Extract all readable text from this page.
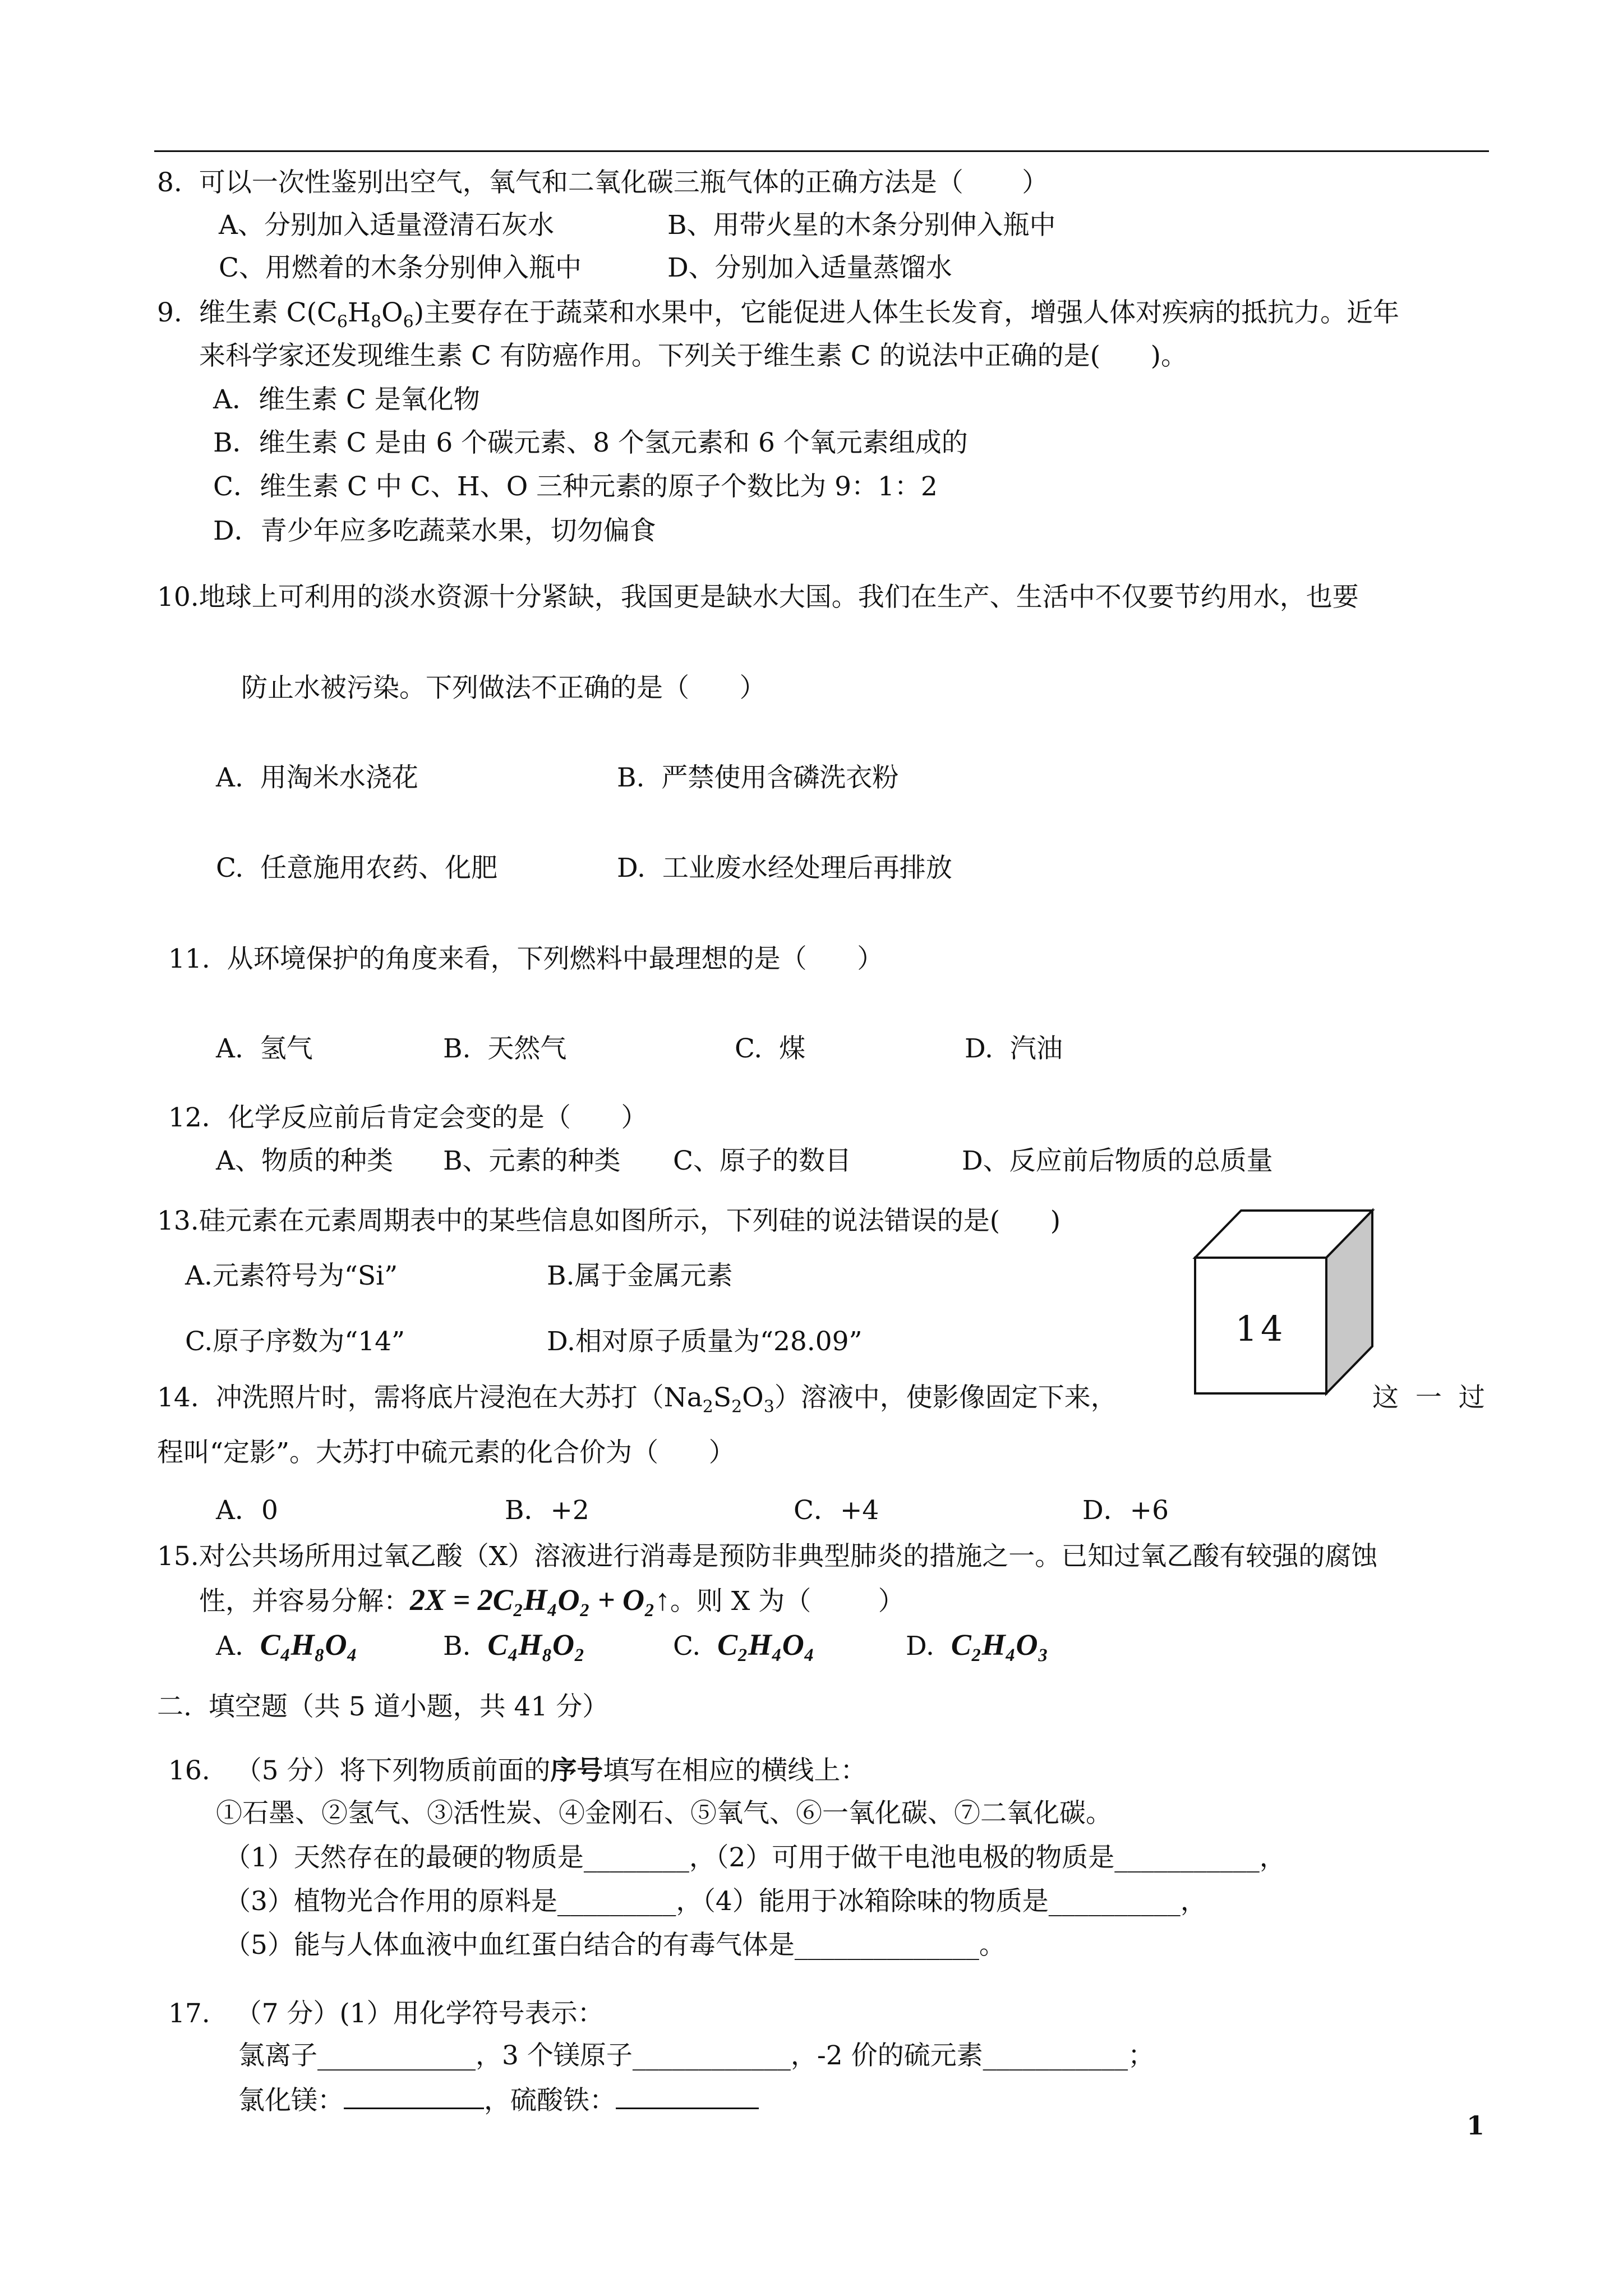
8.  可以一次性鉴别出空气，氧气和二氧化碳三瓶气体的正确方法是（       ）
A、分别加入适量澄清石灰水	B、用带火星的木条分别伸入瓶中
C、用燃着的木条分别伸入瓶中	D、分别加入适量蒸馏水
9.  维生素 $C(C_6H_8O_6)$主要存在于蔬菜和水果中，它能促进人体生长发育，增强人体对疾病的抵抗力。近年
来科学家还发现维生素 C 有防癌作用。下列关于维生素 C 的说法中正确的是(      )。
A．维生素 C 是氧化物
B．维生素 C 是由 6 个碳元素、8 个氢元素和 6 个氧元素组成的
C．维生素 C 中 C、H、O 三种元素的原子个数比为 9：1：2
D．青少年应多吃蔬菜水果，切勿偏食
10.地球上可利用的淡水资源十分紧缺，我国更是缺水大国。我们在生产、生活中不仅要节约用水，也要
防止水被污染。下列做法不正确的是（      ）
A.  用淘米水浇花	B.  严禁使用含磷洗衣粉
C.  任意施用农药、化肥	D.  工业废水经处理后再排放
11.  从环境保护的角度来看，下列燃料中最理想的是（      ）
A.  氢气	B.  天然气	C.  煤	D.  汽油
12．化学反应前后肯定会变的是（      ）
A、物质的种类 B、元素的种类 C、原子的数目	D、反应前后物质的总质量
13.硅元素在元素周期表中的某些信息如图所示，下列硅的说法错误的是(      )
A.元素符号为“Si”	B.属于金属元素
C.原子序数为“14”	D.相对原子质量为“28.09”	14
14.  冲洗照片时，需将底片浸泡在大苏打$(Na_2S_2O_3)$溶液中，使影像固定下来，	这  一  过
程叫“定影”。大苏打中硫元素的化合价为（      ）
A．0	B．+2	C．+4	D．+6
15.对公共场所用过氧乙酸（X）溶液进行消毒是预防非典型肺炎的措施之一。已知过氧乙酸有较强的腐蚀
性，并容易分解：2X = 2C₂H₄O₂ + O₂↑。则 X 为（        ）
A. C₄H₈O₄	B. C₄H₈O₂	C. C₂H₄O₄	D. C₂H₄O₃
二.  填空题（共 5 道小题，共 41 分）
16.   （5 分）将下列物质前面的序号填写在相应的横线上：
①石墨、②氢气、③活性炭、④金刚石、⑤氧气、⑥一氧化碳、⑦二氧化碳。
（1）天然存在的最硬的物质是________，（2）可用于做干电池电极的物质是___________，
（3）植物光合作用的原料是_________，（4）能用于冰箱除味的物质是__________，
（5）能与人体血液中血红蛋白结合的有毒气体是______________。
17.   （7 分）(1）用化学符号表示：
氯离子____________，3 个镁原子____________，-2 价的硫元素___________；
氯化镁：	，硫酸铁：
1
